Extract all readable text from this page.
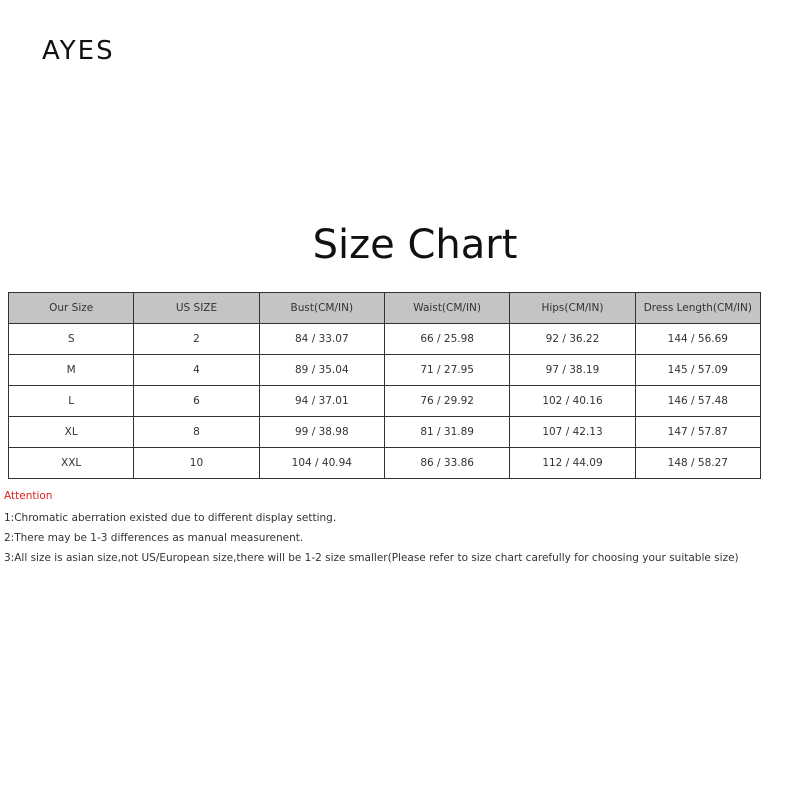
AYES
Size Chart
Our Size	US SIZE	Bust(CM/IN)	Waist(CM/IN)	Hips(CM/IN)	Dress Length(CM/IN)
S	2	84 / 33.07	66 / 25.98	92 / 36.22	144 / 56.69
M	4	89 / 35.04	71 / 27.95	97 / 38.19	145 / 57.09
L	6	94 / 37.01	76 / 29.92	102 / 40.16	146 / 57.48
XL	8	99 / 38.98	81 / 31.89	107 / 42.13	147 / 57.87
XXL	10	104 / 40.94	86 / 33.86	112 / 44.09	148 / 58.27
Attention
1:Chromatic aberration existed due to different display setting.
2:There may be 1-3 differences as manual measurenent.
3:All size is asian size,not US/European size,there will be 1-2 size smaller(Please refer to size chart carefully for choosing your suitable size)
